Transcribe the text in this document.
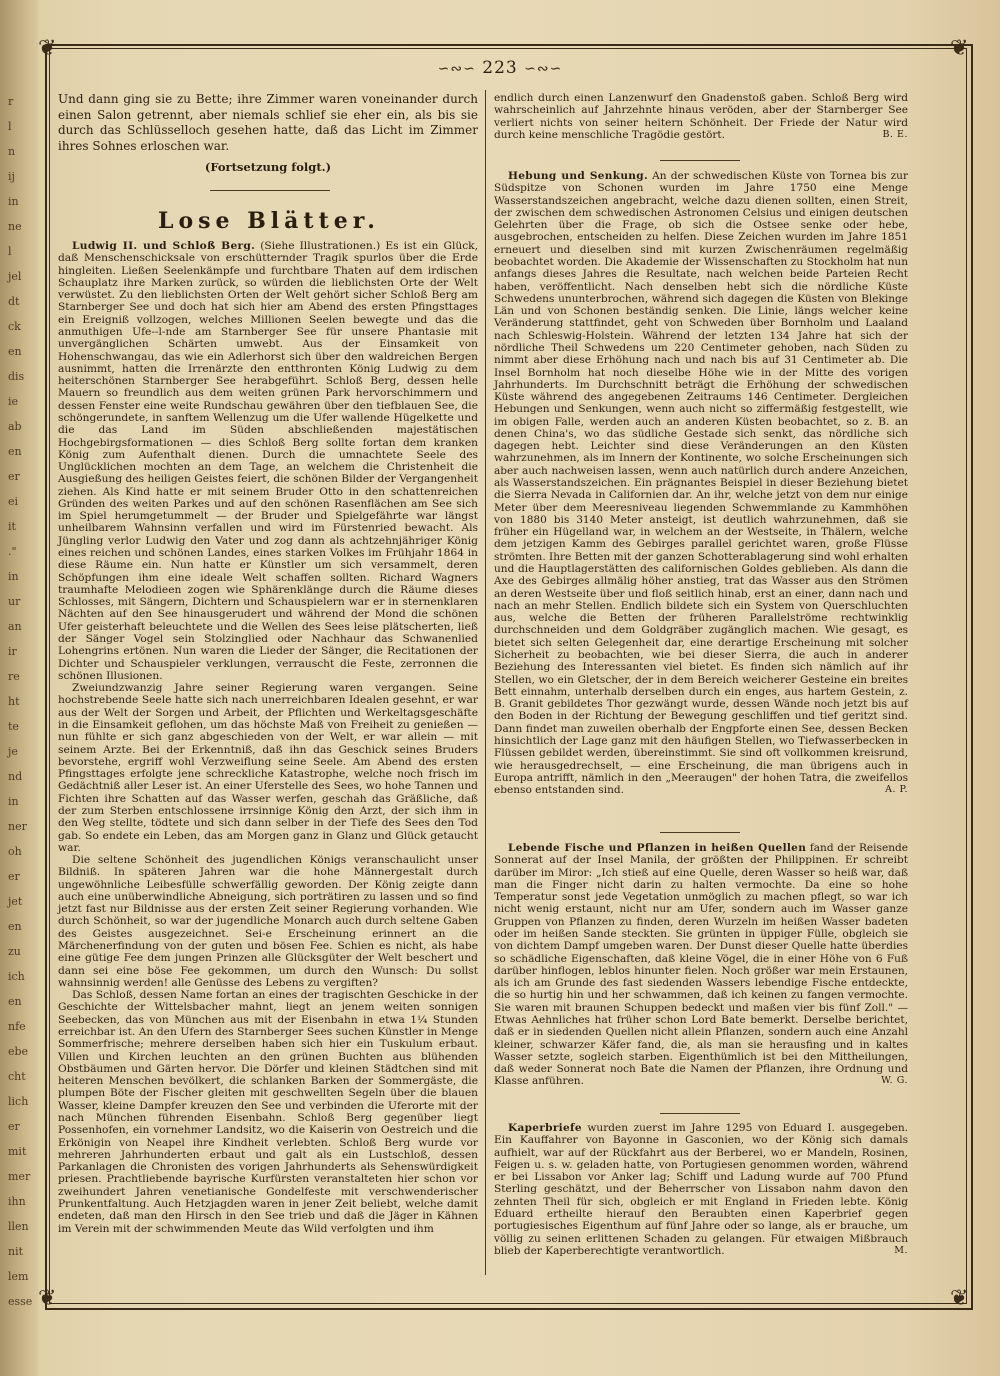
r
l
n
ij
in
ne
l
jel
dt
ck
en
dis
ie
ab
en
er
ei
it
."
in
ur
an
ir
re
ht
te
je
nd
in
ner
oh
er
jet
en
zu
ich
en
nfe
ebe
cht
lich
er
mit
mer
ihn
llen
nit
lem
esse
❦	❦
❦	❦
∽∾∽ 223 ∽∾∽

Und dann ging sie zu Bette; ihre Zimmer waren voneinander durch einen Salon getrennt, aber niemals schlief sie eher ein, als bis sie durch das Schlüsselloch gesehen hatte, daß das Licht im Zimmer ihres Sohnes erloschen war.

(Fortsetzung folgt.)
Lose Blätter.

Ludwig II. und Schloß Berg. (Siehe Illustrationen.) Es ist ein Glück, daß Menschenschicksale von erschütternder Tragik spurlos über die Erde hingleiten. Ließen Seelenkämpfe und furchtbare Thaten auf dem irdischen Schauplatz ihre Marken zurück, so würden die lieblichsten Orte der Welt verwüstet. Zu den lieblichsten Orten der Welt gehört sicher Schloß Berg am Starnberger See und doch hat sich hier am Abend des ersten Pfingsttages ein Ereigniß vollzogen, welches Millionen Seelen bewegte und das die anmuthigen Ufe--l-nde am Starnberger See für unsere Phantasie mit unvergänglichen Schärten umwebt. Aus der Einsamkeit von Hohenschwangau, das wie ein Adlerhorst sich über den waldreichen Bergen ausnimmt, hatten die Irrenärzte den entthronten König Ludwig zu dem heiterschönen Starnberger See herabgeführt. Schloß Berg, dessen helle Mauern so freundlich aus dem weiten grünen Park hervorschimmern und dessen Fenster eine weite Rundschau gewähren über den tiefblauen See, die schöngerundete, in sanftem Wellenzug um die Ufer wallende Hügelkette und die das Land im Süden abschließenden majestätischen Hochgebirgsformationen — dies Schloß Berg sollte fortan dem kranken König zum Aufenthalt dienen. Durch die umnachtete Seele des Unglücklichen mochten an dem Tage, an welchem die Christenheit die Ausgießung des heiligen Geistes feiert, die schönen Bilder der Vergangenheit ziehen. Als Kind hatte er mit seinem Bruder Otto in den schattenreichen Gründen des weiten Parkes und auf den schönen Rasenflächen am See sich im Spiel herumgetummelt — der Bruder und Spielgefährte war längst unheilbarem Wahnsinn verfallen und wird im Fürstenried bewacht. Als Jüngling verlor Ludwig den Vater und zog dann als achtzehnjähriger König eines reichen und schönen Landes, eines starken Volkes im Frühjahr 1864 in diese Räume ein. Nun hatte er Künstler um sich versammelt, deren Schöpfungen ihm eine ideale Welt schaffen sollten. Richard Wagners traumhafte Melodieen zogen wie Sphärenklänge durch die Räume dieses Schlosses, mit Sängern, Dichtern und Schauspielern war er in sternenklaren Nächten auf den See hinausgerudert und während der Mond die schönen Ufer geisterhaft beleuchtete und die Wellen des Sees leise plätscherten, ließ der Sänger Vogel sein Stolzinglied oder Nachhaur das Schwanenlied Lohengrins ertönen. Nun waren die Lieder der Sänger, die Recitationen der Dichter und Schauspieler verklungen, verrauscht die Feste, zerronnen die schönen Illusionen.

Zweiundzwanzig Jahre seiner Regierung waren vergangen. Seine hochstrebende Seele hatte sich nach unerreichbaren Idealen gesehnt, er war aus der Welt der Sorgen und Arbeit, der Pflichten und Werkeltagsgeschäfte in die Einsamkeit geflohen, um das höchste Maß von Freiheit zu genießen — nun fühlte er sich ganz abgeschieden von der Welt, er war allein — mit seinem Arzte. Bei der Erkenntniß, daß ihn das Geschick seines Bruders bevorstehe, ergriff wohl Verzweiflung seine Seele. Am Abend des ersten Pfingsttages erfolgte jene schreckliche Katastrophe, welche noch frisch im Gedächtniß aller Leser ist. An einer Uferstelle des Sees, wo hohe Tannen und Fichten ihre Schatten auf das Wasser werfen, geschah das Gräßliche, daß der zum Sterben entschlossene irrsinnige König den Arzt, der sich ihm in den Weg stellte, tödtete und sich dann selber in der Tiefe des Sees den Tod gab. So endete ein Leben, das am Morgen ganz in Glanz und Glück getaucht war.

Die seltene Schönheit des jugendlichen Königs veranschaulicht unser Bildniß. In späteren Jahren war die hohe Männergestalt durch ungewöhnliche Leibesfülle schwerfällig geworden. Der König zeigte dann auch eine unüberwindliche Abneigung, sich porträtiren zu lassen und so find jetzt fast nur Bildnisse aus der ersten Zeit seiner Regierung vorhanden. Wie durch Schönheit, so war der jugendliche Monarch auch durch seltene Gaben des Geistes ausgezeichnet. Sei-e Erscheinung erinnert an die Märchenerfindung von der guten und bösen Fee. Schien es nicht, als habe eine gütige Fee dem jungen Prinzen alle Glücksgüter der Welt beschert und dann sei eine böse Fee gekommen, um durch den Wunsch: Du sollst wahnsinnig werden! alle Genüsse des Lebens zu vergiften?

Das Schloß, dessen Name fortan an eines der tragischten Geschicke in der Geschichte der Wittelsbacher mahnt, liegt an jenem weiten sonnigen Seebecken, das von München aus mit der Eisenbahn in etwa 1¼ Stunden erreichbar ist. An den Ufern des Starnberger Sees suchen Künstler in Menge Sommerfrische; mehrere derselben haben sich hier ein Tuskulum erbaut. Villen und Kirchen leuchten an den grünen Buchten aus blühenden Obstbäumen und Gärten hervor. Die Dörfer und kleinen Städtchen sind mit heiteren Menschen bevölkert, die schlanken Barken der Sommergäste, die plumpen Böte der Fischer gleiten mit geschwellten Segeln über die blauen Wasser, kleine Dampfer kreuzen den See und verbinden die Uferorte mit der nach München führenden Eisenbahn. Schloß Berg gegenüber liegt Possenhofen, ein vornehmer Landsitz, wo die Kaiserin von Oestreich und die Erkönigin von Neapel ihre Kindheit verlebten. Schloß Berg wurde vor mehreren Jahrhunderten erbaut und galt als ein Lustschloß, dessen Parkanlagen die Chronisten des vorigen Jahrhunderts als Sehenswürdigkeit priesen. Prachtliebende bayrische Kurfürsten veranstalteten hier schon vor zweihundert Jahren venetianische Gondelfeste mit verschwenderischer Prunkentfaltung. Auch Hetzjagden waren in jener Zeit beliebt, welche damit endeten, daß man den Hirsch in den See trieb und daß die Jäger in Kähnen im Verein mit der schwimmenden Meute das Wild verfolgten und ihm

endlich durch einen Lanzenwurf den Gnadenstoß gaben. Schloß Berg wird wahrscheinlich auf Jahrzehnte hinaus veröden, aber der Starnberger See verliert nichts von seiner heitern Schönheit. Der Friede der Natur wird durch keine menschliche Tragödie gestört.	B. E.

Hebung und Senkung. An der schwedischen Küste von Tornea bis zur Südspitze von Schonen wurden im Jahre 1750 eine Menge Wasserstandszeichen angebracht, welche dazu dienen sollten, einen Streit, der zwischen dem schwedischen Astronomen Celsius und einigen deutschen Gelehrten über die Frage, ob sich die Ostsee senke oder hebe, ausgebrochen, entscheiden zu helfen. Diese Zeichen wurden im Jahre 1851 erneuert und dieselben sind mit kurzen Zwischenräumen regelmäßig beobachtet worden. Die Akademie der Wissenschaften zu Stockholm hat nun anfangs dieses Jahres die Resultate, nach welchen beide Parteien Recht haben, veröffentlicht. Nach denselben hebt sich die nördliche Küste Schwedens ununterbrochen, während sich dagegen die Küsten von Blekinge Län und von Schonen beständig senken. Die Linie, längs welcher keine Veränderung stattfindet, geht von Schweden über Bornholm und Laaland nach Schleswig-Holstein. Während der letzten 134 Jahre hat sich der nördliche Theil Schwedens um 220 Centimeter gehoben, nach Süden zu nimmt aber diese Erhöhung nach und nach bis auf 31 Centimeter ab. Die Insel Bornholm hat noch dieselbe Höhe wie in der Mitte des vorigen Jahrhunderts. Im Durchschnitt beträgt die Erhöhung der schwedischen Küste während des angegebenen Zeitraums 146 Centimeter. Dergleichen Hebungen und Senkungen, wenn auch nicht so ziffermäßig festgestellt, wie im obigen Falle, werden auch an anderen Küsten beobachtet, so z. B. an denen China's, wo das südliche Gestade sich senkt, das nördliche sich dagegen hebt. Leichter sind diese Veränderungen an den Küsten wahrzunehmen, als im Innern der Kontinente, wo solche Erscheinungen sich aber auch nachweisen lassen, wenn auch natürlich durch andere Anzeichen, als Wasserstandszeichen. Ein prägnantes Beispiel in dieser Beziehung bietet die Sierra Nevada in Californien dar. An ihr, welche jetzt von dem nur einige Meter über dem Meeresniveau liegenden Schwemmlande zu Kammhöhen von 1880 bis 3140 Meter ansteigt, ist deutlich wahrzunehmen, daß sie früher ein Hügelland war, in welchem an der Westseite, in Thälern, welche dem jetzigen Kamm des Gebirges parallel gerichtet waren, große Flüsse strömten. Ihre Betten mit der ganzen Schotterablagerung sind wohl erhalten und die Hauptlagerstätten des californischen Goldes geblieben. Als dann die Axe des Gebirges allmälig höher anstieg, trat das Wasser aus den Strömen an deren Westseite über und floß seitlich hinab, erst an einer, dann nach und nach an mehr Stellen. Endlich bildete sich ein System von Querschluchten aus, welche die Betten der früheren Parallelströme rechtwinklig durchschneiden und dem Goldgräber zugänglich machen. Wie gesagt, es bietet sich selten Gelegenheit dar, eine derartige Erscheinung mit solcher Sicherheit zu beobachten, wie bei dieser Sierra, die auch in anderer Beziehung des Interessanten viel bietet. Es finden sich nämlich auf ihr Stellen, wo ein Gletscher, der in dem Bereich weicherer Gesteine ein breites Bett einnahm, unterhalb derselben durch ein enges, aus hartem Gestein, z. B. Granit gebildetes Thor gezwängt wurde, dessen Wände noch jetzt bis auf den Boden in der Richtung der Bewegung geschliffen und tief geritzt sind. Dann findet man zuweilen oberhalb der Engpforte einen See, dessen Becken hinsichtlich der Lage ganz mit den häufigen Stellen, wo Tiefwasserbecken in Flüssen gebildet werden, übereinstimmt. Sie sind oft vollkommen kreisrund, wie herausgedrechselt, — eine Erscheinung, die man übrigens auch in Europa antrifft, nämlich in den „Meeraugen" der hohen Tatra, die zweifellos ebenso entstanden sind.	A. P.

Lebende Fische und Pflanzen in heißen Quellen fand der Reisende Sonnerat auf der Insel Manila, der größten der Philippinen. Er schreibt darüber im Miror: „Ich stieß auf eine Quelle, deren Wasser so heiß war, daß man die Finger nicht darin zu halten vermochte. Da eine so hohe Temperatur sonst jede Vegetation unmöglich zu machen pflegt, so war ich nicht wenig erstaunt, nicht nur am Ufer, sondern auch im Wasser ganze Gruppen von Pflanzen zu finden, deren Wurzeln im heißen Wasser badeten oder im heißen Sande steckten. Sie grünten in üppiger Fülle, obgleich sie von dichtem Dampf umgeben waren. Der Dunst dieser Quelle hatte überdies so schädliche Eigenschaften, daß kleine Vögel, die in einer Höhe von 6 Fuß darüber hinflogen, leblos hinunter fielen. Noch größer war mein Erstaunen, als ich am Grunde des fast siedenden Wassers lebendige Fische entdeckte, die so hurtig hin und her schwammen, daß ich keinen zu fangen vermochte. Sie waren mit braunen Schuppen bedeckt und maßen vier bis fünf Zoll." — Etwas Aehnliches hat früher schon Lord Bate bemerkt. Derselbe berichtet, daß er in siedenden Quellen nicht allein Pflanzen, sondern auch eine Anzahl kleiner, schwarzer Käfer fand, die, als man sie herausfing und in kaltes Wasser setzte, sogleich starben. Eigenthümlich ist bei den Mittheilungen, daß weder Sonnerat noch Bate die Namen der Pflanzen, ihre Ordnung und Klasse anführen.	W. G.

Kaperbriefe wurden zuerst im Jahre 1295 von Eduard I. ausgegeben. Ein Kauffahrer von Bayonne in Gasconien, wo der König sich damals aufhielt, war auf der Rückfahrt aus der Berberei, wo er Mandeln, Rosinen, Feigen u. s. w. geladen hatte, von Portugiesen genommen worden, während er bei Lissabon vor Anker lag; Schiff und Ladung wurde auf 700 Pfund Sterling geschätzt, und der Beherrscher von Lissabon nahm davon den zehnten Theil für sich, obgleich er mit England in Frieden lebte. König Eduard ertheilte hierauf den Beraubten einen Kaperbrief gegen portugiesisches Eigenthum auf fünf Jahre oder so lange, als er brauche, um völlig zu seinen erlittenen Schaden zu gelangen. Für etwaigen Mißbrauch blieb der Kaperberechtigte verantwortlich.	M.
